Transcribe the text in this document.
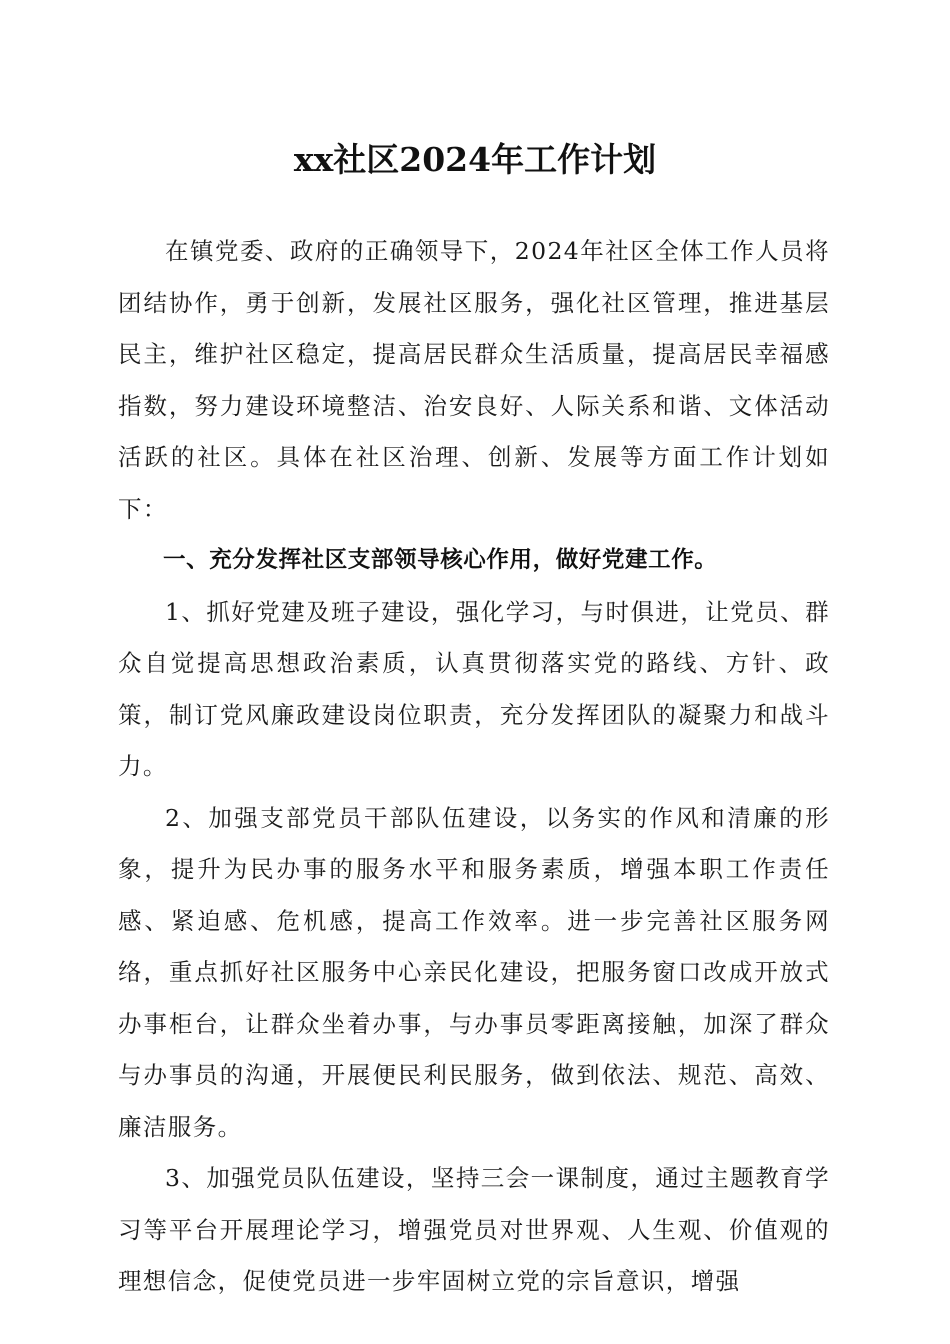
xx社区2024年工作计划

在镇党委、政府的正确领导下，2024年社区全体工作人员将团结协作，勇于创新，发展社区服务，强化社区管理，推进基层民主，维护社区稳定，提高居民群众生活质量，提高居民幸福感指数，努力建设环境整洁、治安良好、人际关系和谐、文体活动活跃的社区。具体在社区治理、创新、发展等方面工作计划如下：

一、充分发挥社区支部领导核心作用，做好党建工作。

1、抓好党建及班子建设，强化学习，与时俱进，让党员、群众自觉提高思想政治素质，认真贯彻落实党的路线、方针、政策，制订党风廉政建设岗位职责，充分发挥团队的凝聚力和战斗力。

2、加强支部党员干部队伍建设，以务实的作风和清廉的形象，提升为民办事的服务水平和服务素质，增强本职工作责任感、紧迫感、危机感，提高工作效率。进一步完善社区服务网络，重点抓好社区服务中心亲民化建设，把服务窗口改成开放式办事柜台，让群众坐着办事，与办事员零距离接触，加深了群众与办事员的沟通，开展便民利民服务，做到依法、规范、高效、廉洁服务。

3、加强党员队伍建设，坚持三会一课制度，通过主题教育学习等平台开展理论学习，增强党员对世界观、人生观、价值观的理想信念，促使党员进一步牢固树立党的宗旨意识，增强
